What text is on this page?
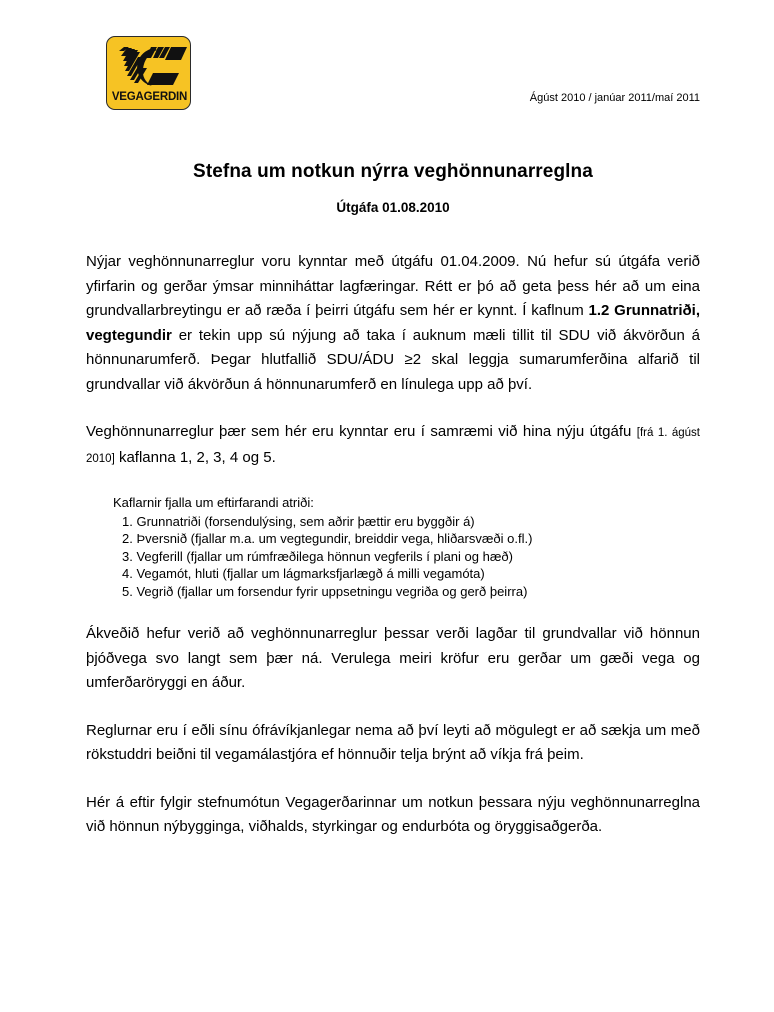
VEGAGERDIN	Ágúst 2010 / janúar 2011/maí 2011
Stefna um notkun nýrra veghönnunarreglna
Útgáfa 01.08.2010

Nýjar veghönnunarreglur voru kynntar með útgáfu 01.04.2009. Nú hefur sú útgáfa verið yfirfarin og gerðar ýmsar minniháttar lagfæringar. Rétt er þó að geta þess hér að um eina grundvallarbreytingu er að ræða í þeirri útgáfu sem hér er kynnt. Í kaflnum 1.2 Grunnatriði, vegtegundir er tekin upp sú nýjung að taka í auknum mæli tillit til SDU við ákvörðun á hönnunarumferð. Þegar hlutfallið SDU/ÁDU ≥2 skal leggja sumarumferðina alfarið til grundvallar við ákvörðun á hönnunarumferð en línulega upp að því.

Veghönnunarreglur þær sem hér eru kynntar eru í samræmi við hina nýju útgáfu [frá 1. ágúst 2010] kaflanna 1, 2, 3, 4 og 5.

Kaflarnir fjalla um eftirfarandi atriði:
1. Grunnatriði (forsendulýsing, sem aðrir þættir eru byggðir á)
2. Þversnið (fjallar m.a. um vegtegundir, breiddir vega, hliðarsvæði o.fl.)
3. Vegferill (fjallar um rúmfræðilega hönnun vegferils í plani og hæð)
4. Vegamót, hluti (fjallar um lágmarksfjarlægð á milli vegamóta)
5. Vegrið (fjallar um forsendur fyrir uppsetningu vegriða og gerð þeirra)

Ákveðið hefur verið að veghönnunarreglur þessar verði lagðar til grundvallar við hönnun þjóðvega svo langt sem þær ná. Verulega meiri kröfur eru gerðar um gæði vega og umferðaröryggi en áður.

Reglurnar eru í eðli sínu ófrávíkjanlegar nema að því leyti að mögulegt er að sækja um með rökstuddri beiðni til vegamálastjóra ef hönnuðir telja brýnt að víkja frá þeim.

Hér á eftir fylgir stefnumótun Vegagerðarinnar um notkun þessara nýju veghönnunarreglna við hönnun nýbygginga, viðhalds, styrkingar og endurbóta og öryggisaðgerða.
